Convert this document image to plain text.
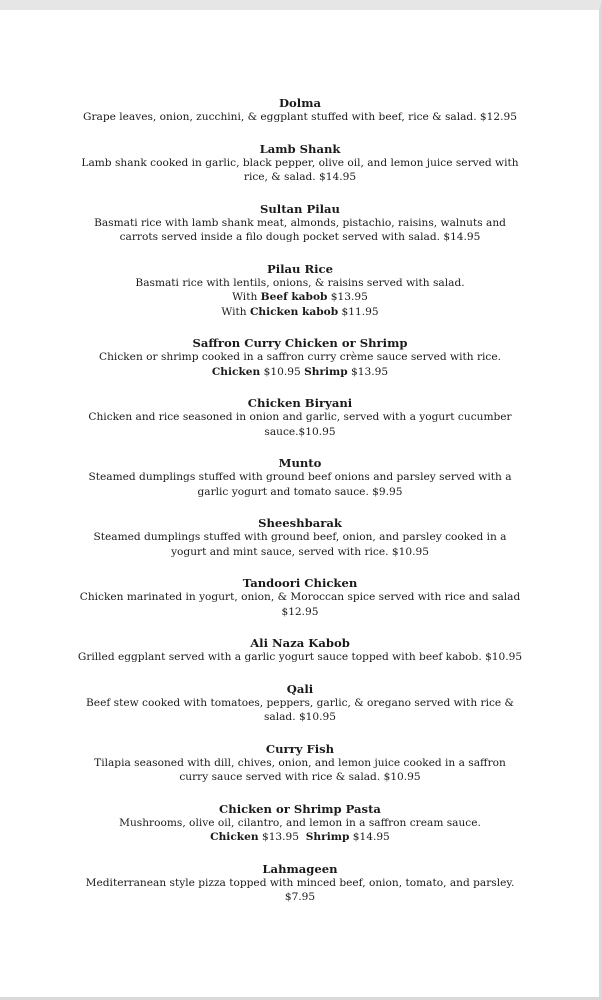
Dolma
Grape leaves, onion, zucchini, & eggplant stuffed with beef, rice & salad. $12.95
Lamb Shank
Lamb shank cooked in garlic, black pepper, olive oil, and lemon juice served with
rice, & salad. $14.95
Sultan Pilau
Basmati rice with lamb shank meat, almonds, pistachio, raisins, walnuts and
carrots served inside a filo dough pocket served with salad. $14.95
Pilau Rice
Basmati rice with lentils, onions, & raisins served with salad.
With Beef kabob $13.95
With Chicken kabob $11.95
Saffron Curry Chicken or Shrimp
Chicken or shrimp cooked in a saffron curry crème sauce served with rice.
Chicken $10.95 Shrimp $13.95
Chicken Biryani
Chicken and rice seasoned in onion and garlic, served with a yogurt cucumber
sauce.$10.95
Munto
Steamed dumplings stuffed with ground beef onions and parsley served with a
garlic yogurt and tomato sauce. $9.95
Sheeshbarak
Steamed dumplings stuffed with ground beef, onion, and parsley cooked in a
yogurt and mint sauce, served with rice. $10.95
Tandoori Chicken
Chicken marinated in yogurt, onion, & Moroccan spice served with rice and salad
$12.95
Ali Naza Kabob
Grilled eggplant served with a garlic yogurt sauce topped with beef kabob. $10.95
Qali
Beef stew cooked with tomatoes, peppers, garlic, & oregano served with rice &
salad. $10.95
Curry Fish
Tilapia seasoned with dill, chives, onion, and lemon juice cooked in a saffron
curry sauce served with rice & salad. $10.95
Chicken or Shrimp Pasta
Mushrooms, olive oil, cilantro, and lemon in a saffron cream sauce.
Chicken $13.95 Shrimp $14.95
Lahmageen
Mediterranean style pizza topped with minced beef, onion, tomato, and parsley.
$7.95
